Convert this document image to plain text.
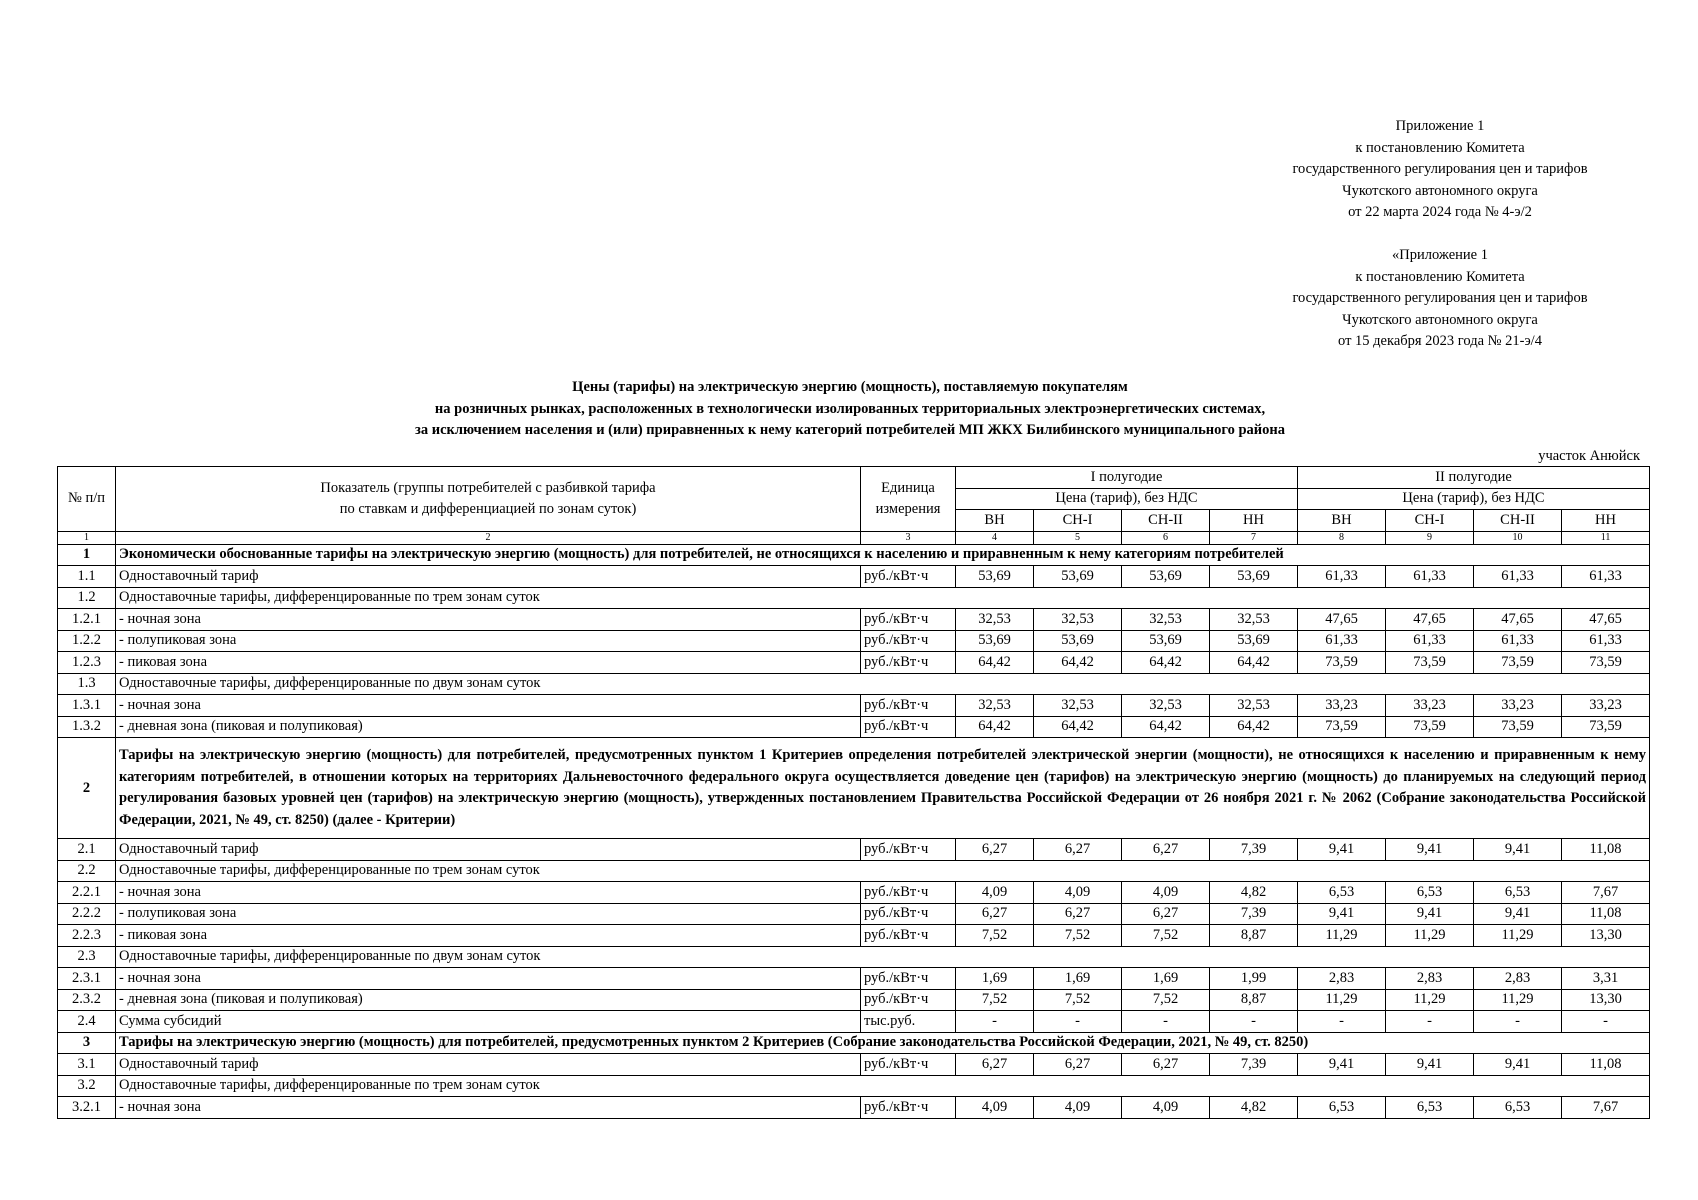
Приложение 1
к постановлению Комитета
государственного регулирования цен и тарифов
Чукотского автономного округа
от 22 марта 2024 года № 4-э/2
«Приложение 1
к постановлению Комитета
государственного регулирования цен и тарифов
Чукотского автономного округа
от 15 декабря 2023 года № 21-э/4
Цены (тарифы) на электрическую энергию (мощность), поставляемую покупателям
на розничных рынках, расположенных в технологически изолированных территориальных электроэнергетических системах,
за исключением населения и (или) приравненных к нему категорий потребителей МП ЖКХ Билибинского муниципального района
участок Анюйск
№ п/п	Показатель (группы потребителей с разбивкой тарифа по ставкам и дифференциацией по зонам суток)	Единица измерения	I полугодие				II полугодие			
			Цена (тариф), без НДС				Цена (тариф), без НДС			
			ВН	СН-I	СН-II	НН	ВН	СН-I	СН-II	НН
1	2	3	4	5	6	7	8	9	10	11
1	Экономически обоснованные тарифы на электрическую энергию (мощность) для потребителей, не относящихся к населению и приравненным к нему категориям потребителей									
1.1	Одноставочный тариф	руб./кВт·ч	53,69	53,69	53,69	53,69	61,33	61,33	61,33	61,33
1.2	Одноставочные тарифы, дифференцированные по трем зонам суток									
1.2.1	- ночная зона	руб./кВт·ч	32,53	32,53	32,53	32,53	47,65	47,65	47,65	47,65
1.2.2	- полупиковая зона	руб./кВт·ч	53,69	53,69	53,69	53,69	61,33	61,33	61,33	61,33
1.2.3	- пиковая зона	руб./кВт·ч	64,42	64,42	64,42	64,42	73,59	73,59	73,59	73,59
1.3	Одноставочные тарифы, дифференцированные по двум зонам суток									
1.3.1	- ночная зона	руб./кВт·ч	32,53	32,53	32,53	32,53	33,23	33,23	33,23	33,23
1.3.2	- дневная зона (пиковая и полупиковая)	руб./кВт·ч	64,42	64,42	64,42	64,42	73,59	73,59	73,59	73,59
2	Тарифы на электрическую энергию (мощность) для потребителей, предусмотренных пунктом 1 Критериев определения потребителей электрической энергии (мощности), не относящихся к населению и приравненным к нему категориям потребителей, в отношении которых на территориях Дальневосточного федерального округа осуществляется доведение цен (тарифов) на электрическую энергию (мощность) до планируемых на следующий период регулирования базовых уровней цен (тарифов) на электрическую энергию (мощность), утвержденных постановлением Правительства Российской Федерации от 26 ноября 2021 г. № 2062 (Собрание законодательства Российской Федерации, 2021, № 49, ст. 8250) (далее - Критерии)									
2.1	Одноставочный тариф	руб./кВт·ч	6,27	6,27	6,27	7,39	9,41	9,41	9,41	11,08
2.2	Одноставочные тарифы, дифференцированные по трем зонам суток									
2.2.1	- ночная зона	руб./кВт·ч	4,09	4,09	4,09	4,82	6,53	6,53	6,53	7,67
2.2.2	- полупиковая зона	руб./кВт·ч	6,27	6,27	6,27	7,39	9,41	9,41	9,41	11,08
2.2.3	- пиковая зона	руб./кВт·ч	7,52	7,52	7,52	8,87	11,29	11,29	11,29	13,30
2.3	Одноставочные тарифы, дифференцированные по двум зонам суток									
2.3.1	- ночная зона	руб./кВт·ч	1,69	1,69	1,69	1,99	2,83	2,83	2,83	3,31
2.3.2	- дневная зона (пиковая и полупиковая)	руб./кВт·ч	7,52	7,52	7,52	8,87	11,29	11,29	11,29	13,30
2.4	Сумма субсидий	тыс.руб.	-	-	-	-	-	-	-	-
3	Тарифы на электрическую энергию (мощность) для потребителей, предусмотренных пунктом 2 Критериев (Собрание законодательства Российской Федерации, 2021, № 49, ст. 8250)									
3.1	Одноставочный тариф	руб./кВт·ч	6,27	6,27	6,27	7,39	9,41	9,41	9,41	11,08
3.2	Одноставочные тарифы, дифференцированные по трем зонам суток									
3.2.1	- ночная зона	руб./кВт·ч	4,09	4,09	4,09	4,82	6,53	6,53	6,53	7,67
